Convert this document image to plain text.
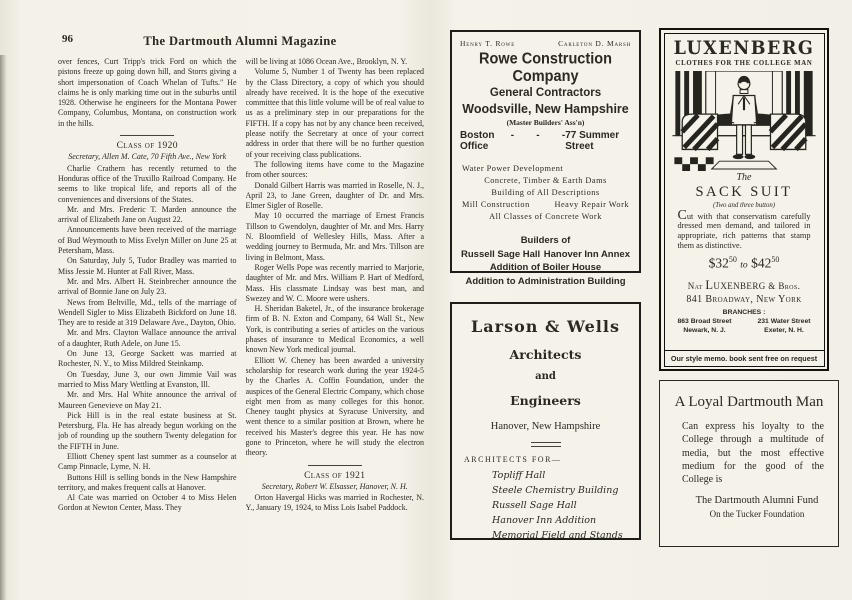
96	The Dartmouth Alumni Magazine

over fences, Curt Tripp's trick Ford on which the pistons freeze up going down hill, and Storrs giving a short impersonation of Coach Whelan of Tufts." He claims he is only marking time out in the suburbs until 1928. Otherwise he engineers for the Montana Power Company, Columbus, Montana, on construction work in the hills.

Class of 1920
Secretary, Allen M. Cate, 70 Fifth Ave., New York

Charlie Crathern has recently returned to the Honduras office of the Truxillo Railroad Company. He seems to like tropical life, and reports all of the conveniences and diversions of the States.

Mr. and Mrs. Frederic T. Marden announce the arrival of Elizabeth Jane on August 22.

Announcements have been received of the marriage of Bud Weymouth to Miss Evelyn Miller on June 25 at Petersham, Mass.

On Saturday, July 5, Tudor Bradley was married to Miss Jessie M. Hunter at Fall River, Mass.

Mr. and Mrs. Albert H. Steinbrecher announce the arrival of Bonnie Jane on July 23.

News from Beltville, Md., tells of the marriage of Wendell Sigler to Miss Elizabeth Bickford on June 18. They are to reside at 319 Delaware Ave., Dayton, Ohio.

Mr. and Mrs. Clayton Wallace announce the arrival of a daughter, Ruth Adele, on June 15.

On June 13, George Sackett was married at Rochester, N. Y., to Miss Mildred Steinkamp.

On Tuesday, June 3, our own Jimmie Vail was married to Miss Mary Wettling at Evanston, Ill.

Mr. and Mrs. Hal White announce the arrival of Maureen Genevieve on May 21.

Pick Hill is in the real estate business at St. Petersburg, Fla. He has already begun working on the job of rounding up the southern Twenty delegation for the FIFTH in June.

Elliott Cheney spent last summer as a counselor at Camp Pinnacle, Lyme, N. H.

Buttons Hill is selling bonds in the New Hampshire territory, and makes frequent calls at Hanover.

Al Cate was married on October 4 to Miss Helen Gordon at Newton Center, Mass. They

will be living at 1086 Ocean Ave., Brooklyn, N. Y.

Volume 5, Number 1 of Twenty has been replaced by the Class Directory, a copy of which you should already have received. It is the hope of the executive committee that this little volume will be of real value to us as a preliminary step in our preparations for the FIFTH. If a copy has not by any chance been received, please notify the Secretary at once of your correct address in order that there will be no further question of your receiving class publications.

The following items have come to the Magazine from other sources:

Donald Gilbert Harris was married in Roselle, N. J., April 23, to Jane Green, daughter of Dr. and Mrs. Elmer Sigler of Roselle.

May 10 occurred the marriage of Ernest Francis Tillson to Gwendolyn, daughter of Mr. and Mrs. Harry N. Bloomfield of Wellesley Hills, Mass. After a wedding journey to Bermuda, Mr. and Mrs. Tillson are living in Belmont, Mass.

Roger Wells Pope was recently married to Marjorie, daughter of Mr. and Mrs. William P. Hart of Medford, Mass. His classmate Lindsay was best man, and Swezey and W. C. Moore were ushers.

H. Sheridan Baketel, Jr., of the insurance brokerage firm of B. N. Exton and Company, 64 Wall St., New York, is contributing a series of articles on the various phases of insurance to Medical Economics, a well known New York medical journal.

Elliott W. Cheney has been awarded a university scholarship for research work during the year 1924-5 by the Charles A. Coffin Foundation, under the auspices of the General Electric Company, which chose eight men from as many colleges for this honor. Cheney taught physics at Syracuse University, and went thence to a similar position at Brown, where he received his Master's degree this year. He has now gone to Princeton, where he will study the electron theory.

Class of 1921
Secretary, Robert W. Elsasser, Hanover, N. H.

Orton Havergal Hicks was married in Rochester, N. Y., January 19, 1924, to Miss Lois Isabel Paddock.

Henry T. Rowe	Carleton D. Marsh
Rowe Construction Company
General Contractors
Woodsville, New Hampshire
(Master Builders' Ass'n)
Boston Office
-        -        - 77 Summer Street
Water Power Development
Concrete, Timber & Earth Dams
Building of All Descriptions
Mill Construction	Heavy Repair Work
All Classes of Concrete Work
Builders of
Russell Sage Hall Hanover Inn Annex
Addition of Boiler House
Addition to Administration Building
Larson & Wells
Architects
and
Engineers
Hanover, New Hampshire
ARCHITECTS FOR—
Topliff Hall
Steele Chemistry Building
Russell Sage Hall
Hanover Inn Addition
Memorial Field and Stands
LUXENBERG
CLOTHES FOR THE COLLEGE MAN
The
SACK SUIT
(Two and three button)

Cut with that conservatism carefully dressed men demand, and tailored in appropriate, rich patterns that stamp them as distinctive.

$\$32^{50}$ to $\$42^{50}$
Nat Luxenberg & Bros.
841 Broadway, New York
BRANCHES :
863 Broad Street
Newark, N. J.
231 Water Street
Exeter, N. H.
Our style memo. book sent free on request
A Loyal Dartmouth Man

Can express his loyalty to the College through a multitude of media, but the most effective medium for the good of the College is

The Dartmouth Alumni Fund
On the Tucker Foundation
